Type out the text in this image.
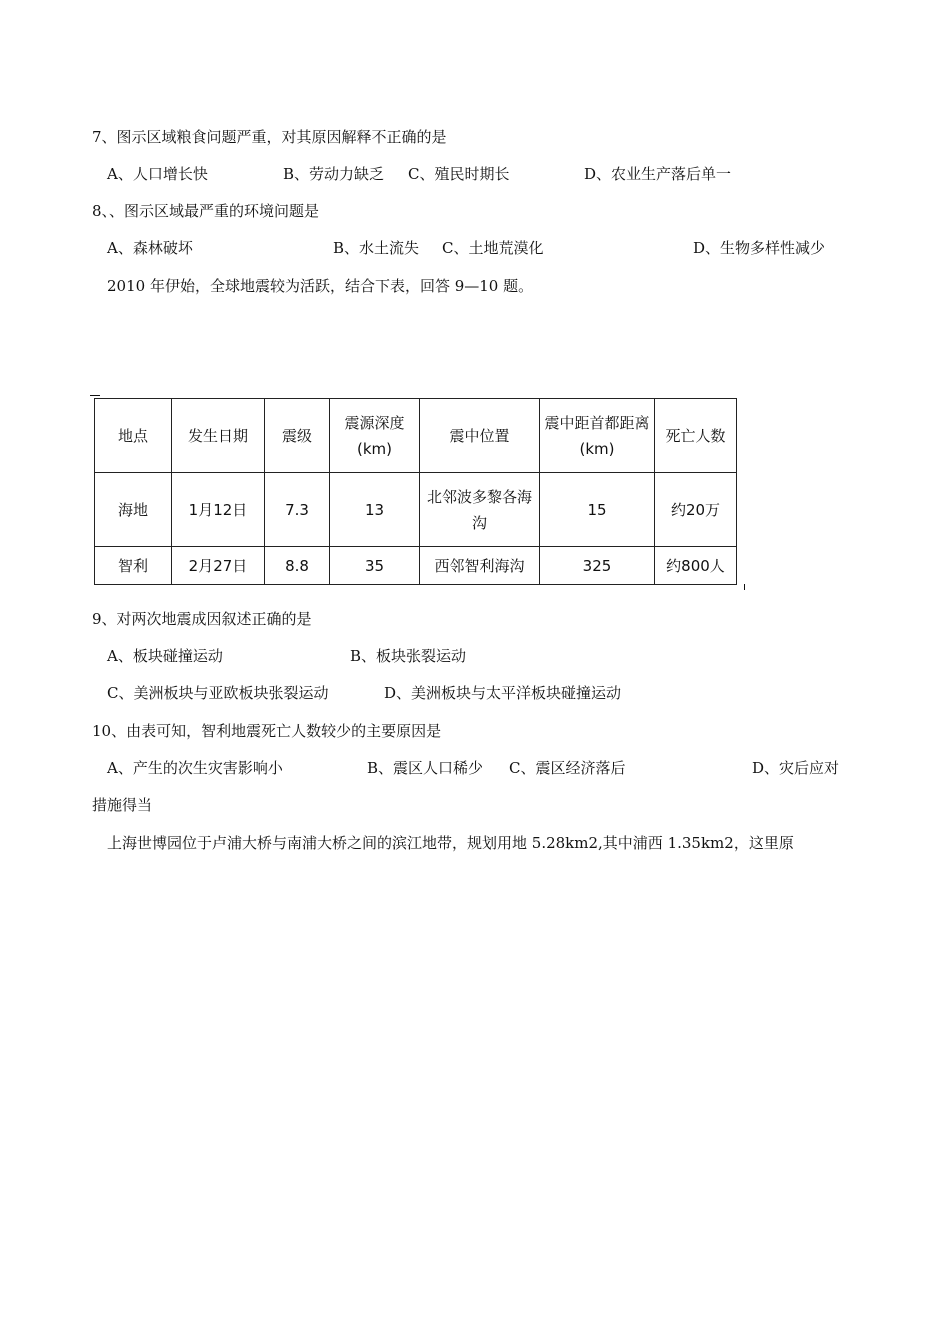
7、图示区域粮食问题严重，对其原因解释不正确的是
A、人口增长快	B、劳动力缺乏 C、殖民时期长	D、农业生产落后单一
8、、图示区域最严重的环境问题是
A、森林破坏	B、水土流失 C、土地荒漠化	D、生物多样性减少
2010 年伊始，全球地震较为活跃，结合下表，回答 9—10 题。
地点	发生日期	震级	震源深度(km)	震中位置	震中距首都距离(km)	死亡人数
海地	1月12日	7.3	13	北邻波多黎各海沟	15	约20万
智利	2月27日	8.8	35	西邻智利海沟	325	约800人
9、对两次地震成因叙述正确的是
A、板块碰撞运动	B、板块张裂运动
C、美洲板块与亚欧板块张裂运动	D、美洲板块与太平洋板块碰撞运动
10、由表可知，智利地震死亡人数较少的主要原因是
A、产生的次生灾害影响小	B、震区人口稀少 C、震区经济落后	D、灾后应对
措施得当
上海世博园位于卢浦大桥与南浦大桥之间的滨江地带，规划用地 5.28km2,其中浦西 1.35km2，这里原
